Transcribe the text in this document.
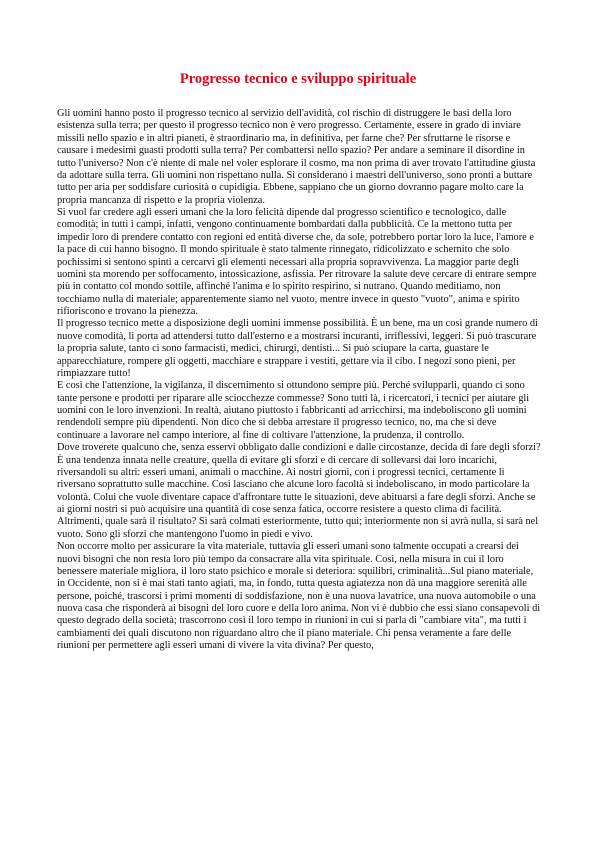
Progresso tecnico e sviluppo spirituale

Gli uomini hanno posto il progresso tecnico al servizio dell'avidità, col rischio di distruggere le basi della loro esistenza sulla terra; per questo il progresso tecnico non è vero progresso. Certamente, essere in grado di inviare missili nello spazio e in altri pianeti, è straordinario ma, in definitiva, per farne che? Per sfruttarne le risorse e causare i medesimi guasti prodotti sulla terra? Per combattersi nello spazio? Per andare a seminare il disordine in tutto l'universo? Non c'è niente di male nel voler esplorare il cosmo, ma non prima di aver trovato l'attitudine giusta da adottare sulla terra. Gli uomini non rispettano nulla. Si considerano i maestri dell'universo, sono pronti a buttare tutto per aria per soddisfare curiosità o cupidigia. Ebbene, sappiano che un giorno dovranno pagare molto care la propria mancanza di rispetto e la propria violenza.

Si vuol far credere agli esseri umani che la loro felicità dipende dal progresso scientifico e tecnologico, dalle comodità; in tutti i campi, infatti, vengono continuamente bombardati dalla pubblicità. Ce la mettono tutta per impedir loro di prendere contatto con regioni ed entità diverse che, da sole, potrebbero portar loro la luce, l'amore e la pace di cui hanno bisogno. Il mondo spirituale è stato talmente rinnegato, ridicolizzato e schernito che solo pochissimi si sentono spinti a cercarvi gli elementi necessari alla propria sopravvivenza. La maggior parte degli uomini sta morendo per soffocamento, intossicazione, asfissia. Per ritrovare la salute deve cercare di entrare sempre più in contatto col mondo sottile, affinché l'anima e lo spirito respirino, si nutrano. Quando meditiamo, non tocchiamo nulla di materiale; apparentemente siamo nel vuoto, mentre invece in questo "vuoto", anima e spirito rifioriscono e trovano la pienezza.

Il progresso tecnico mette a disposizione degli uomini immense possibilità. È un bene, ma un così grande numero di nuove comodità, li porta ad attendersi tutto dall'esterno e a mostrarsi incuranti, irriflessivi, leggeri. Si può trascurare la propria salute, tanto ci sono farmacisti, medici, chirurgi, dentisti... Si può sciupare la carta, guastare le apparecchiature, rompere gli oggetti, macchiare e strappare i vestiti, gettare via il cibo. I negozi sono pieni, per rimpiazzare tutto!

E così che l'attenzione, la vigilanza, il discernimento si ottundono sempre più. Perché svilupparli, quando ci sono tante persone e prodotti per riparare alle sciocchezze commesse? Sono tutti là, i ricercatori, i tecnici per aiutare gli uomini con le loro invenzioni. In realtà, aiutano piuttosto i fabbricanti ad arricchirsi, ma indeboliscono gli uomini rendendoli sempre più dipendenti. Non dico che si debba arrestare il progresso tecnico, no, ma che si deve continuare a lavorare nel campo interiore, al fine di coltivare l'attenzione, la prudenza, il controllo.

Dove troverete qualcuno che, senza esservi obbligato dalle condizioni e dalle circostanze, decida di fare degli sforzi? È una tendenza innata nelle creature, quella di evitare gli sforzi e di cercare di sollevarsi dai loro incarichi, riversandoli su altri: esseri umani, animali o macchine. Ai nostri giorni, con i progressi tecnici, certamente li riversano soprattutto sulle macchine. Così lasciano che alcune loro facoltà si indeboliscano, in modo particolare la volontà. Colui che vuole diventare capace d'affrontare tutte le situazioni, deve abituarsi a fare degli sforzi. Anche se ai giorni nostri si può acquisire una quantità di cose senza fatica, occorre resistere a questo clima di facilità. Altrimenti, quale sarà il risultato? Si sarà colmati esteriormente, tutto qui; interiormente non si avrà nulla, si sarà nel vuoto. Sono gli sforzi che mantengono l'uomo in piedi e vivo.

Non occorre molto per assicurare la vita materiale, tuttavia gli esseri umani sono talmente occupati a crearsi dei nuovi bisogni che non resta loro più tempo da consacrare alla vita spirituale. Così, nella misura in cui il loro benessere materiale migliora, il loro stato psichico e morale si deteriora: squilibri, criminalità...Sul piano materiale, in Occidente, non si è mai stati tanto agiati, ma, in fondo, tutta questa agiatezza non dà una maggiore serenità alle persone, poiché, trascorsi i primi momenti di soddisfazione, non è una nuova lavatrice, una nuova automobile o una nuova casa che risponderà ai bisogni del loro cuore e della loro anima. Non vi è dubbio che essi siano consapevoli di questo degrado della società; trascorrono così il loro tempo in riunioni in cui si parla di "cambiare vita", ma tutti i cambiamenti dei quali discutono non riguardano altro che il piano materiale. Chi pensa veramente a fare delle riunioni per permettere agli esseri umani di vivere la vita divina? Per questo,
